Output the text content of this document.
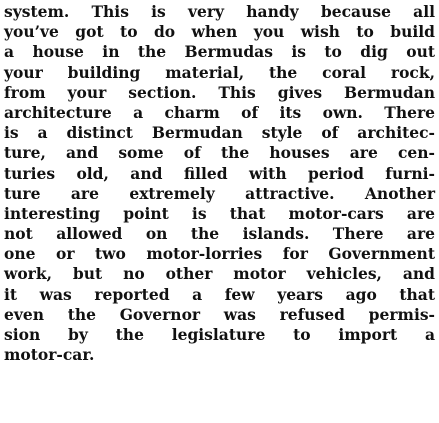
system. This is very handy because all
you’ve got to do when you wish to build
a house in the Bermudas is to dig out
your building material, the coral rock,
from your section. This gives Bermudan
architecture a charm of its own. There
is a distinct Bermudan style of architec-
ture, and some of the houses are cen-
turies old, and filled with period furni-
ture are extremely attractive. Another
interesting point is that motor-cars are
not allowed on the islands. There are
one or two motor-lorries for Government
work, but no other motor vehicles, and
it was reported a few years ago that
even the Governor was refused permis-
sion by the legislature to import a
motor-car.
